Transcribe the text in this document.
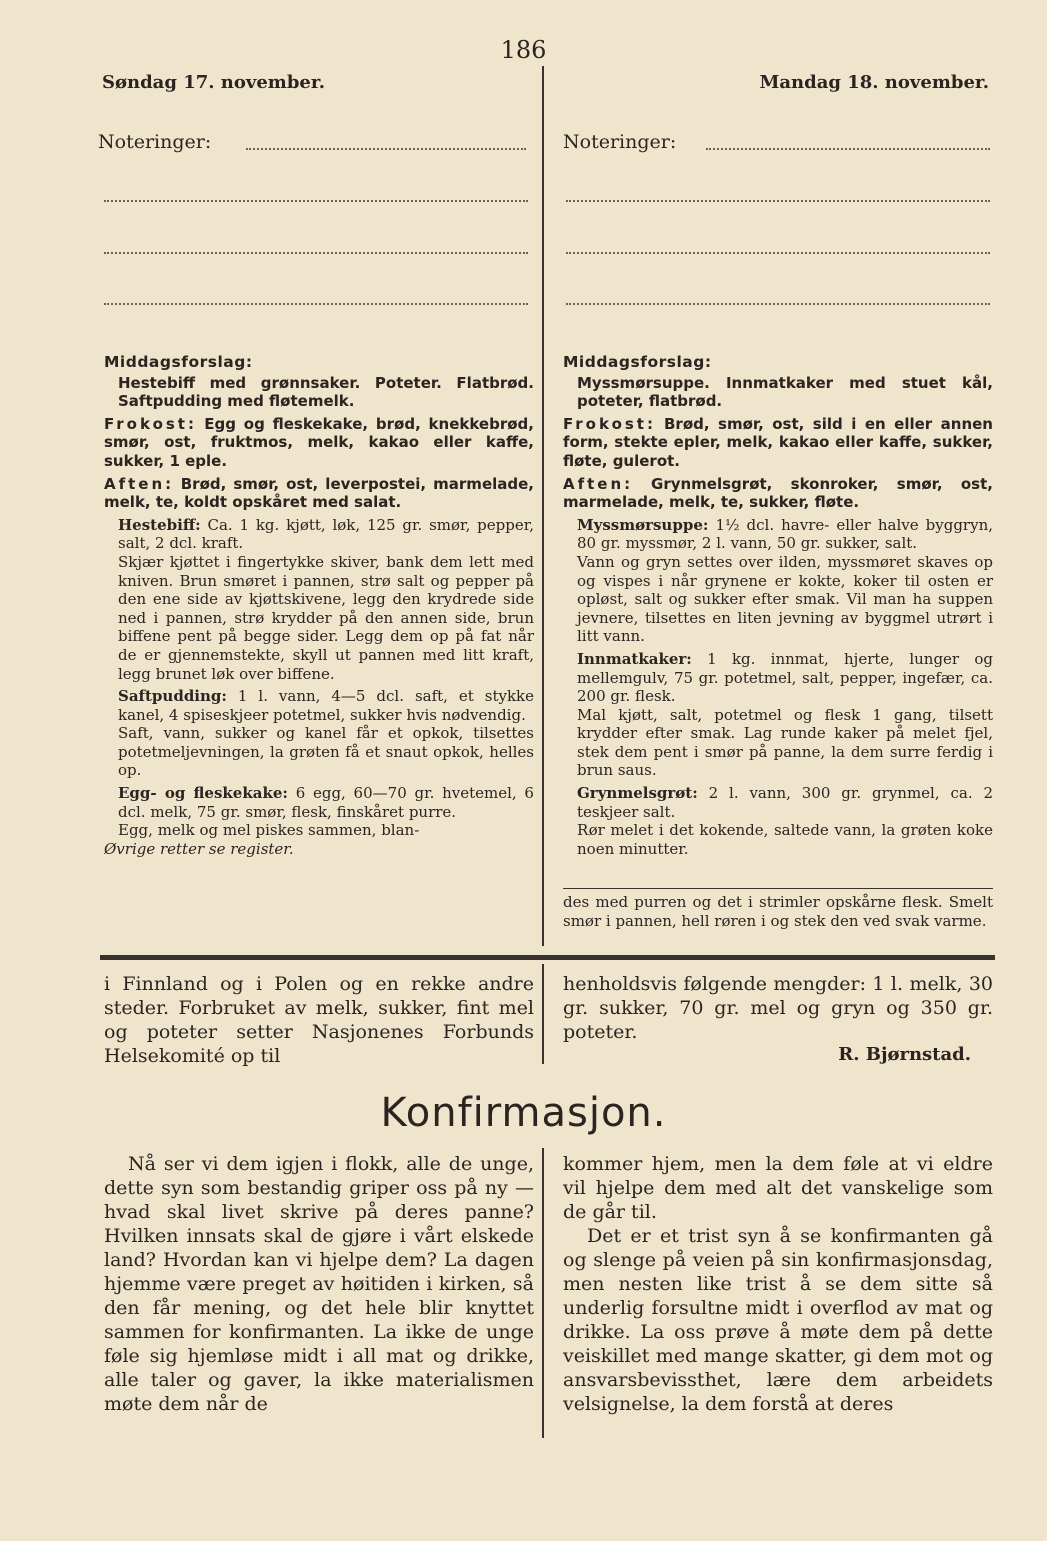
186
Søndag 17. november.	Mandag 18. november.
Noteringer:	Noteringer:

Middagsforslag:

Hestebiff med grønnsaker. Poteter. Flatbrød. Saftpudding med fløtemelk.

Frokost: Egg og fleskekake, brød, knekkebrød, smør, ost, fruktmos, melk, kakao eller kaffe, sukker, 1 eple.

Aften: Brød, smør, ost, leverpostei, marmelade, melk, te, koldt opskåret med salat.

Hestebiff: Ca. 1 kg. kjøtt, løk, 125 gr. smør, pepper, salt, 2 dcl. kraft.

Skjær kjøttet i fingertykke skiver, bank dem lett med kniven. Brun smøret i pannen, strø salt og pepper på den ene side av kjøttskivene, legg den krydrede side ned i pannen, strø krydder på den annen side, brun biffene pent på begge sider. Legg dem op på fat når de er gjennemstekte, skyll ut pannen med litt kraft, legg brunet løk over biffene.

Saftpudding: 1 l. vann, 4—5 dcl. saft, et stykke kanel, 4 spiseskjeer potetmel, sukker hvis nødvendig.

Saft, vann, sukker og kanel får et opkok, tilsettes potetmeljevningen, la grøten få et snaut opkok, helles op.

Egg- og fleskekake: 6 egg, 60—70 gr. hvetemel, 6 dcl. melk, 75 gr. smør, flesk, finskåret purre.

Egg, melk og mel piskes sammen, blan-

Øvrige retter se register.

Middagsforslag:

Myssmørsuppe. Innmatkaker med stuet kål, poteter, flatbrød.

Frokost: Brød, smør, ost, sild i en eller annen form, stekte epler, melk, kakao eller kaffe, sukker, fløte, gulerot.

Aften: Grynmelsgrøt, skonroker, smør, ost, marmelade, melk, te, sukker, fløte.

Myssmørsuppe: 1½ dcl. havre- eller halve byggryn, 80 gr. myssmør, 2 l. vann, 50 gr. sukker, salt.

Vann og gryn settes over ilden, myssmøret skaves op og vispes i når grynene er kokte, koker til osten er opløst, salt og sukker efter smak. Vil man ha suppen jevnere, tilsettes en liten jevning av byggmel utrørt i litt vann.

Innmatkaker: 1 kg. innmat, hjerte, lunger og mellemgulv, 75 gr. potetmel, salt, pepper, ingefær, ca. 200 gr. flesk.

Mal kjøtt, salt, potetmel og flesk 1 gang, tilsett krydder efter smak. Lag runde kaker på melet fjel, stek dem pent i smør på panne, la dem surre ferdig i brun saus.

Grynmelsgrøt: 2 l. vann, 300 gr. grynmel, ca. 2 teskjeer salt.

Rør melet i det kokende, saltede vann, la grøten koke noen minutter.

des med purren og det i strimler opskårne flesk. Smelt smør i pannen, hell røren i og stek den ved svak varme.

i Finnland og i Polen og en rekke andre steder. Forbruket av melk, sukker, fint mel og poteter setter Nasjonenes Forbunds Helsekomité op til

henholdsvis følgende mengder: 1 l. melk, 30 gr. sukker, 70 gr. mel og gryn og 350 gr. poteter.

R. Bjørnstad.
Konfirmasjon.

Nå ser vi dem igjen i flokk, alle de unge, dette syn som bestandig griper oss på ny — hvad skal livet skrive på deres panne? Hvilken innsats skal de gjøre i vårt elskede land? Hvordan kan vi hjelpe dem? La dagen hjemme være preget av høitiden i kirken, så den får mening, og det hele blir knyttet sammen for konfirmanten. La ikke de unge føle sig hjemløse midt i all mat og drikke, alle taler og gaver, la ikke materialismen møte dem når de

kommer hjem, men la dem føle at vi eldre vil hjelpe dem med alt det vanskelige som de går til.

Det er et trist syn å se konfirmanten gå og slenge på veien på sin konfirmasjonsdag, men nesten like trist å se dem sitte så underlig forsultne midt i overflod av mat og drikke. La oss prøve å møte dem på dette veiskillet med mange skatter, gi dem mot og ansvarsbevissthet, lære dem arbeidets velsignelse, la dem forstå at deres
